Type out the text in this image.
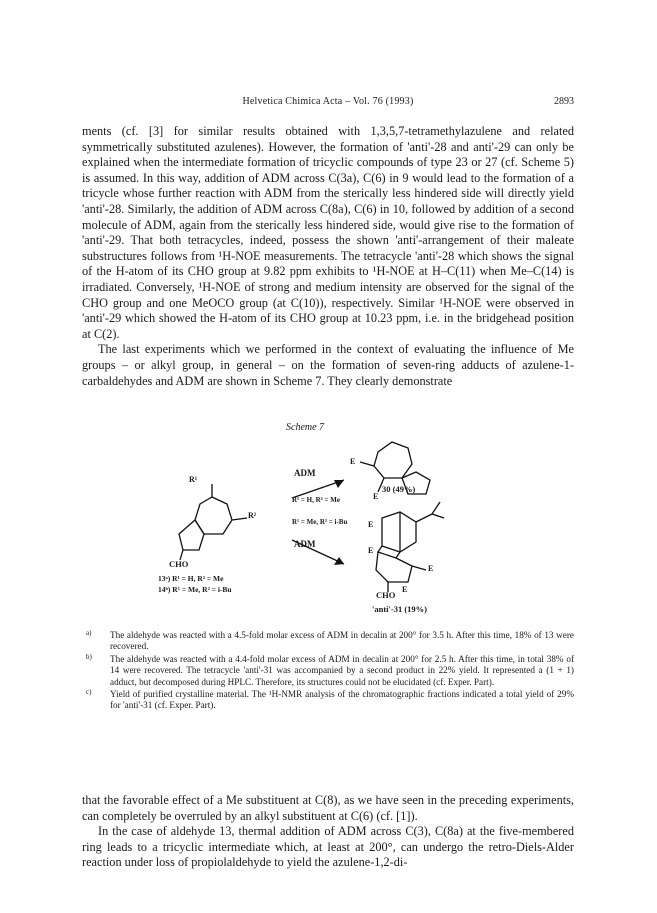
Helvetica Chimica Acta – Vol. 76 (1993)	2893

ments (cf. [3] for similar results obtained with 1,3,5,7-tetramethylazulene and related symmetrically substituted azulenes). However, the formation of 'anti'-28 and anti'-29 can only be explained when the intermediate formation of tricyclic compounds of type 23 or 27 (cf. Scheme 5) is assumed. In this way, addition of ADM across C(3a), C(6) in 9 would lead to the formation of a tricycle whose further reaction with ADM from the sterically less hindered side will directly yield 'anti'-28. Similarly, the addition of ADM across C(8a), C(6) in 10, followed by addition of a second molecule of ADM, again from the sterically less hindered side, would give rise to the formation of 'anti'-29. That both tetracycles, indeed, possess the shown 'anti'-arrangement of their maleate substructures follows from ¹H-NOE measurements. The tetracycle 'anti'-28 which shows the signal of the H-atom of its CHO group at 9.82 ppm exhibits to ¹H-NOE at H–C(11) when Me–C(14) is irradiated. Conversely, ¹H-NOE of strong and medium intensity are observed for the signal of the CHO group and one MeOCO group (at C(10)), respectively. Similar ¹H-NOE were observed in 'anti'-29 which showed the H-atom of its CHO group at 10.23 ppm, i.e. in the bridgehead position at C(2).

The last experiments which we performed in the context of evaluating the influence of Me groups – or alkyl group, in general – on the formation of seven-ring adducts of azulene-1-carbaldehydes and ADM are shown in Scheme 7. They clearly demonstrate

Scheme 7
R¹
R²
CHO
13ᵃ) R¹ = H, R² = Me
14ᵇ) R¹ = Me, R² = i-Bu
ADM
R¹ = H, R² = Me
R¹ = Me, R² = i-Bu
ADM
E
E
30 (49%)
E
E
E
E
CHO
'anti'-31 (19%)
a) The aldehyde was reacted with a 4.5-fold molar excess of ADM in decalin at 200° for 3.5 h. After this time, 18% of 13 were recovered.
b) The aldehyde was reacted with a 4.4-fold molar excess of ADM in decalin at 200° for 2.5 h. After this time, in total 38% of 14 were recovered. The tetracycle 'anti'-31 was accompanied by a second product in 22% yield. It represented a (1 + 1) adduct, but decomposed during HPLC. Therefore, its structures could not be elucidated (cf. Exper. Part).
c) Yield of purified crystalline material. The ¹H-NMR analysis of the chromatographic fractions indicated a total yield of 29% for 'anti'-31 (cf. Exper. Part).

that the favorable effect of a Me substituent at C(8), as we have seen in the preceding experiments, can completely be overruled by an alkyl substituent at C(6) (cf. [1]).

In the case of aldehyde 13, thermal addition of ADM across C(3), C(8a) at the five-membered ring leads to a tricyclic intermediate which, at least at 200°, can undergo the retro-Diels-Alder reaction under loss of propiolaldehyde to yield the azulene-1,2-di-
